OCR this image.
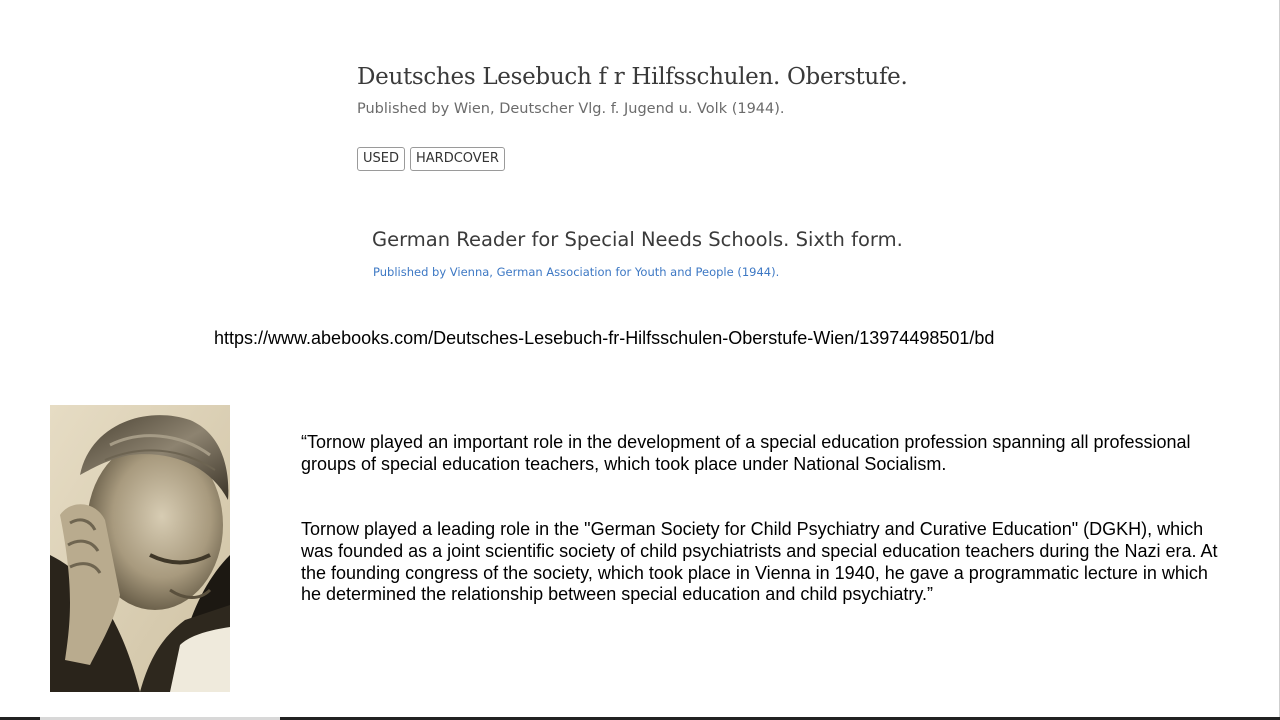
Deutsches Lesebuch f r Hilfsschulen. Oberstufe.
Published by Wien, Deutscher Vlg. f. Jugend u. Volk (1944).
USED	HARDCOVER
German Reader for Special Needs Schools. Sixth form.
Published by Vienna, German Association for Youth and People (1944).
https://www.abebooks.com/Deutsches-Lesebuch-fr-Hilfsschulen-Oberstufe-Wien/13974498501/bd
“Tornow played an important role in the development of a special education profession spanning all professional groups of special education teachers, which took place under National Socialism.
Tornow played a leading role in the "German Society for Child Psychiatry and Curative Education" (DGKH), which was founded as a joint scientific society of child psychiatrists and special education teachers during the Nazi era. At the founding congress of the society, which took place in Vienna in 1940, he gave a programmatic lecture in which he determined the relationship between special education and child psychiatry.”
